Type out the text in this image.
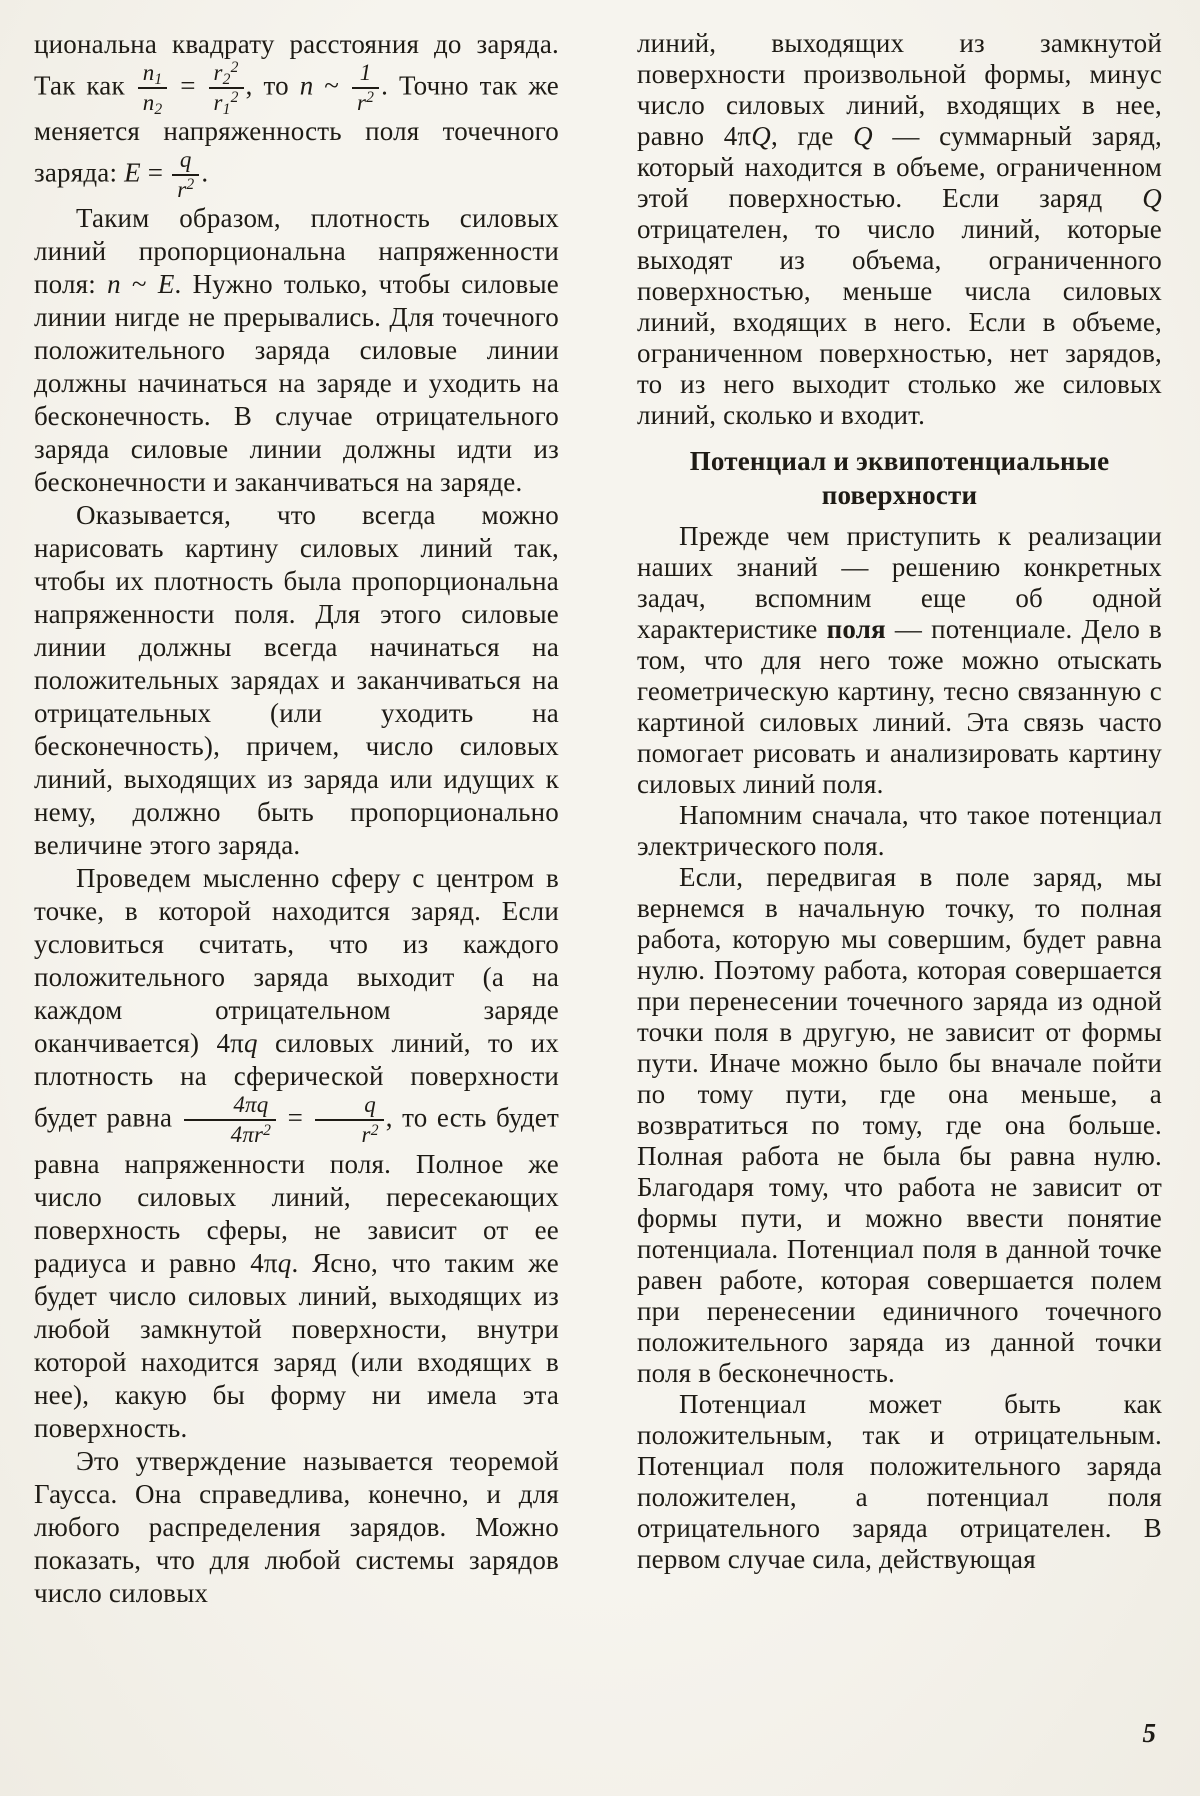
циональна квадрату расстояния до заряда. Так как $\frac{n_1}{n_2} = \frac{r_2^2}{r_1^2}$ , то n ~ $\frac{1}{r^2}$ . Точно так же меняется напряженность поля точечного заряда: $E = \frac{q}{r^2}$ .

Таким образом, плотность силовых линий пропорциональна напряженности поля: n ~ E. Нужно только, чтобы силовые линии нигде не прерывались. Для точечного положительного заряда силовые линии должны начинаться на заряде и уходить на бесконечность. В случае отрицательного заряда силовые линии должны идти из бесконечности и заканчиваться на заряде.

Оказывается, что всегда можно нарисовать картину силовых линий так, чтобы их плотность была пропорциональна напряженности поля. Для этого силовые линии должны всегда начинаться на положительных зарядах и заканчиваться на отрицательных (или уходить на бесконечность), причем, число силовых линий, выходящих из заряда или идущих к нему, должно быть пропорционально величине этого заряда.

Проведем мысленно сферу с центром в точке, в которой находится заряд. Если условиться считать, что из каждого положительного заряда выходит (а на каждом отрицательном заряде оканчивается) 4πq силовых линий, то их плотность на сферической поверхности будет равна $\frac{4\pi q}{4\pi r^2} = \frac{q}{r^2}$ , то есть будет равна напряженности поля. Полное же число силовых линий, пересекающих поверхность сферы, не зависит от ее радиуса и равно 4πq. Ясно, что таким же будет число силовых линий, выходящих из любой замкнутой поверхности, внутри которой находится заряд (или входящих в нее), какую бы форму ни имела эта поверхность.

Это утверждение называется теоремой Гаусса. Она справедлива, конечно, и для любого распределения зарядов. Можно показать, что для любой системы зарядов число силовых

линий, выходящих из замкнутой поверхности произвольной формы, минус число силовых линий, входящих в нее, равно 4πQ, где Q — суммарный заряд, который находится в объеме, ограниченном этой поверхностью. Если заряд Q отрицателен, то число линий, которые выходят из объема, ограниченного поверхностью, меньше числа силовых линий, входящих в него. Если в объеме, ограниченном поверхностью, нет зарядов, то из него выходит столько же силовых линий, сколько и входит.

Потенциал и эквипотенциальные поверхности

Прежде чем приступить к реализации наших знаний — решению конкретных задач, вспомним еще об одной характеристике поля — потенциале. Дело в том, что для него тоже можно отыскать геометрическую картину, тесно связанную с картиной силовых линий. Эта связь часто помогает рисовать и анализировать картину силовых линий поля.

Напомним сначала, что такое потенциал электрического поля.

Если, передвигая в поле заряд, мы вернемся в начальную точку, то полная работа, которую мы совершим, будет равна нулю. Поэтому работа, которая совершается при перенесении точечного заряда из одной точки поля в другую, не зависит от формы пути. Иначе можно было бы вначале пойти по тому пути, где она меньше, а возвратиться по тому, где она больше. Полная работа не была бы равна нулю. Благодаря тому, что работа не зависит от формы пути, и можно ввести понятие потенциала. Потенциал поля в данной точке равен работе, которая совершается полем при перенесении единичного точечного положительного заряда из данной точки поля в бесконечность.

Потенциал может быть как положительным, так и отрицательным. Потенциал поля положительного заряда положителен, а потенциал поля отрицательного заряда отрицателен. В первом случае сила, действующая

5
